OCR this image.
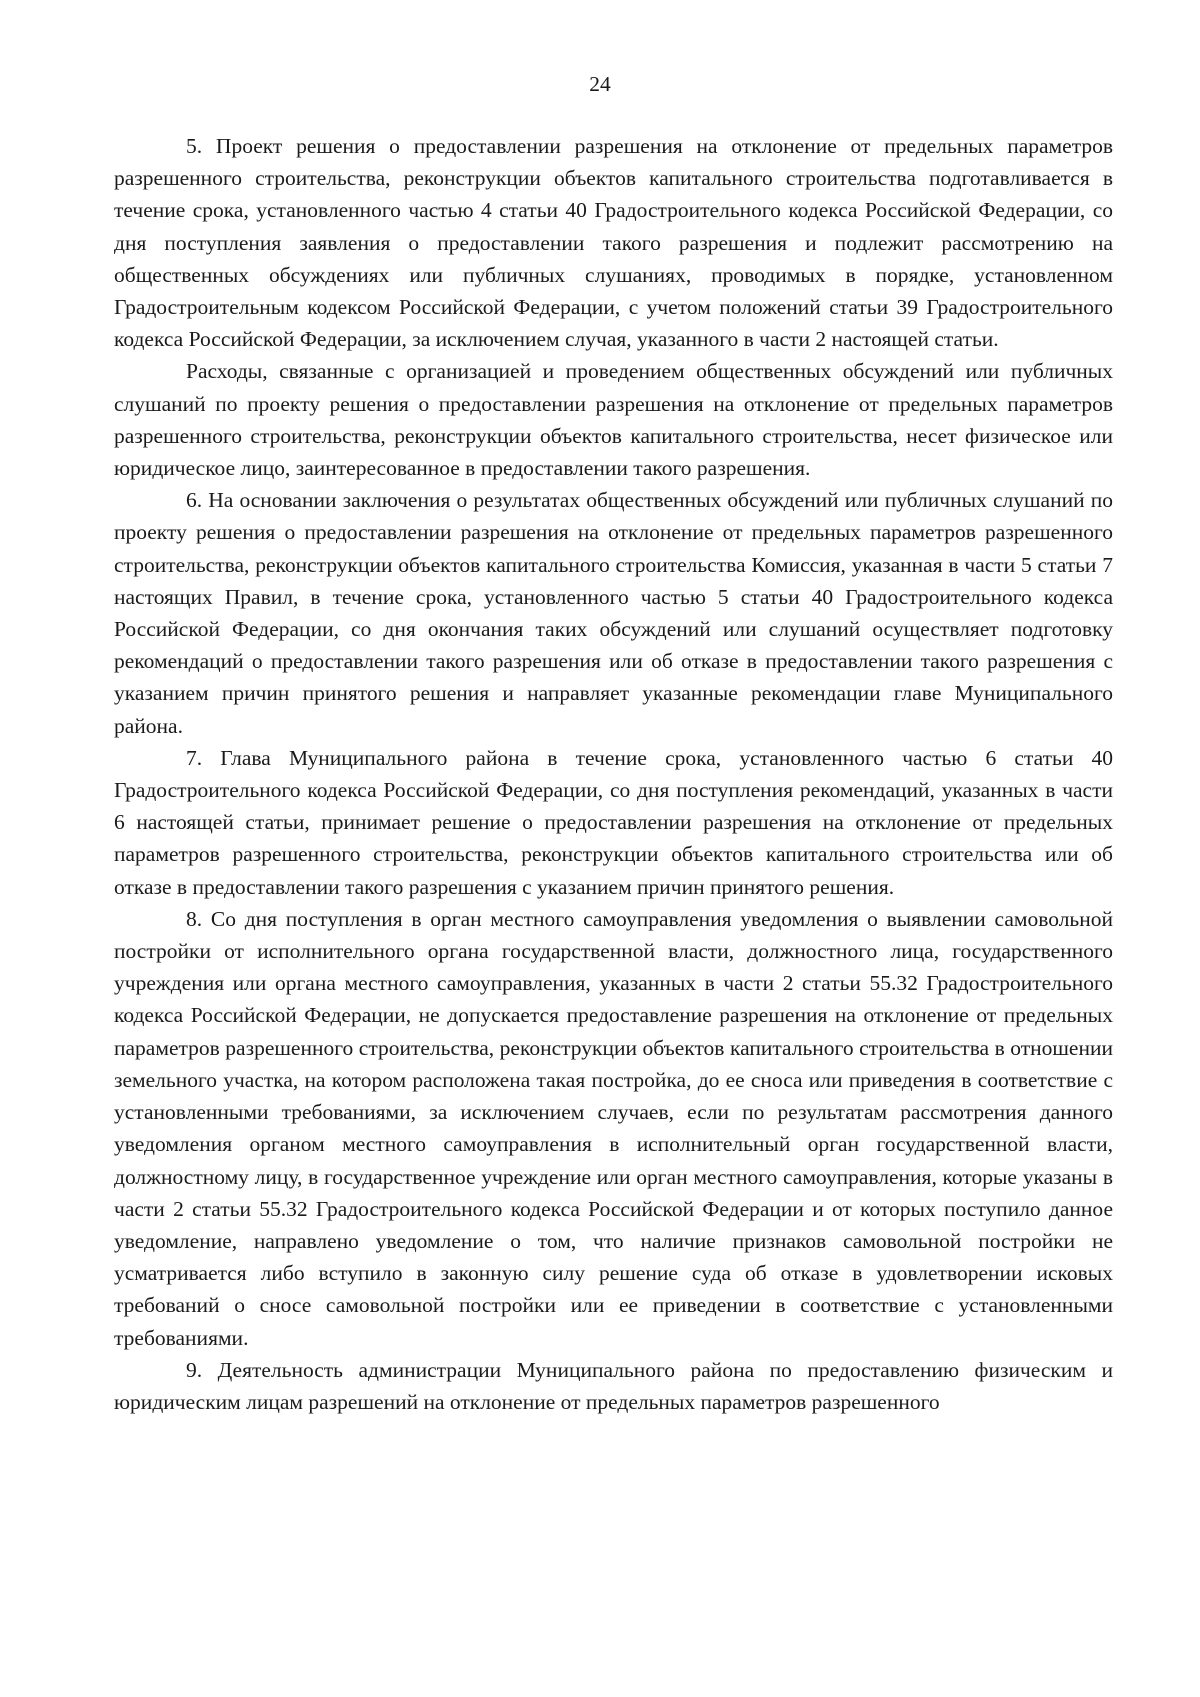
24

5. Проект решения о предоставлении разрешения на отклонение от предельных параметров разрешенного строительства, реконструкции объектов капитального строительства подготавливается в течение срока, установленного частью 4 статьи 40 Градостроительного кодекса Российской Федерации, со дня поступления заявления о предоставлении такого разрешения и подлежит рассмотрению на общественных обсуждениях или публичных слушаниях, проводимых в порядке, установленном Градостроительным кодексом Российской Федерации, с учетом положений статьи 39 Градостроительного кодекса Российской Федерации, за исключением случая, указанного в части 2 настоящей статьи.

Расходы, связанные с организацией и проведением общественных обсуждений или публичных слушаний по проекту решения о предоставлении разрешения на отклонение от предельных параметров разрешенного строительства, реконструкции объектов капитального строительства, несет физическое или юридическое лицо, заинтересованное в предоставлении такого разрешения.

6. На основании заключения о результатах общественных обсуждений или публичных слушаний по проекту решения о предоставлении разрешения на отклонение от предельных параметров разрешенного строительства, реконструкции объектов капитального строительства Комиссия, указанная в части 5 статьи 7 настоящих Правил, в течение срока, установленного частью 5 статьи 40 Градостроительного кодекса Российской Федерации, со дня окончания таких обсуждений или слушаний осуществляет подготовку рекомендаций о предоставлении такого разрешения или об отказе в предоставлении такого разрешения с указанием причин принятого решения и направляет указанные рекомендации главе Муниципального района.

7. Глава Муниципального района в течение срока, установленного частью 6 статьи 40 Градостроительного кодекса Российской Федерации, со дня поступления рекомендаций, указанных в части 6 настоящей статьи, принимает решение о предоставлении разрешения на отклонение от предельных параметров разрешенного строительства, реконструкции объектов капитального строительства или об отказе в предоставлении такого разрешения с указанием причин принятого решения.

8. Со дня поступления в орган местного самоуправления уведомления о выявлении самовольной постройки от исполнительного органа государственной власти, должностного лица, государственного учреждения или органа местного самоуправления, указанных в части 2 статьи 55.32 Градостроительного кодекса Российской Федерации, не допускается предоставление разрешения на отклонение от предельных параметров разрешенного строительства, реконструкции объектов капитального строительства в отношении земельного участка, на котором расположена такая постройка, до ее сноса или приведения в соответствие с установленными требованиями, за исключением случаев, если по результатам рассмотрения данного уведомления органом местного самоуправления в исполнительный орган государственной власти, должностному лицу, в государственное учреждение или орган местного самоуправления, которые указаны в части 2 статьи 55.32 Градостроительного кодекса Российской Федерации и от которых поступило данное уведомление, направлено уведомление о том, что наличие признаков самовольной постройки не усматривается либо вступило в законную силу решение суда об отказе в удовлетворении исковых требований о сносе самовольной постройки или ее приведении в соответствие с установленными требованиями.

9. Деятельность администрации Муниципального района по предоставлению физическим и юридическим лицам разрешений на отклонение от предельных параметров разрешенного
